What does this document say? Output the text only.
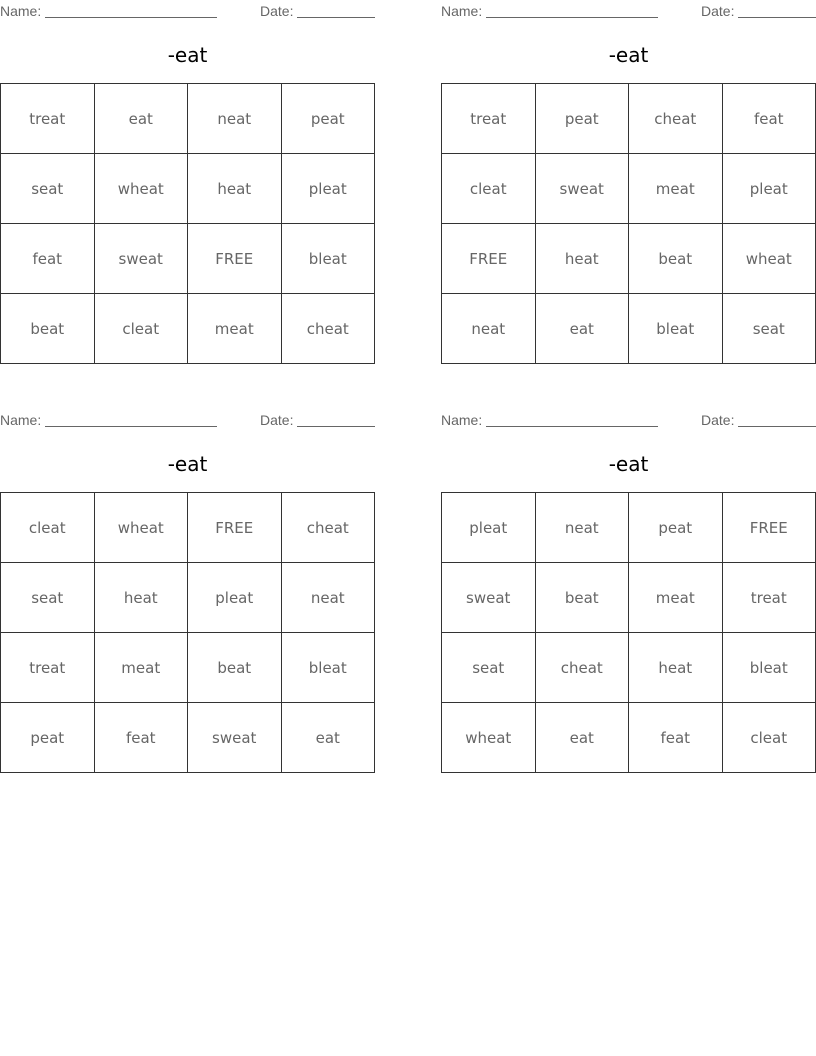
Name:	Date:
-eat
treat	eat	neat	peat
seat	wheat	heat	pleat
feat	sweat	FREE	bleat
beat	cleat	meat	cheat
Name:	Date:
-eat
treat	peat	cheat	feat
cleat	sweat	meat	pleat
FREE	heat	beat	wheat
neat	eat	bleat	seat
Name:	Date:
-eat
cleat	wheat	FREE	cheat
seat	heat	pleat	neat
treat	meat	beat	bleat
peat	feat	sweat	eat
Name:	Date:
-eat
pleat	neat	peat	FREE
sweat	beat	meat	treat
seat	cheat	heat	bleat
wheat	eat	feat	cleat
